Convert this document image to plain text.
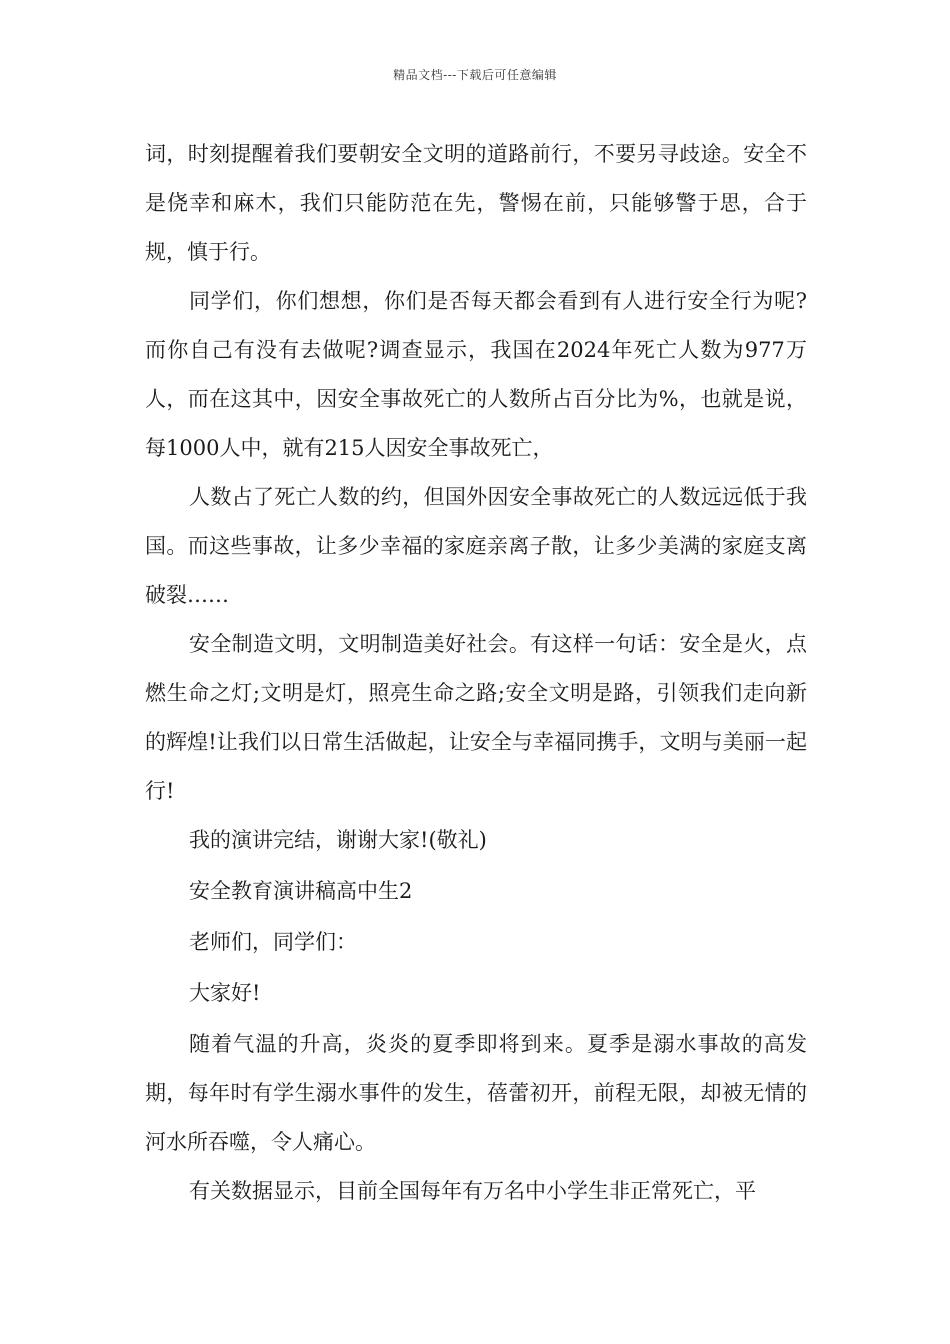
精品文档---下载后可任意编辑

词，时刻提醒着我们要朝安全文明的道路前行，不要另寻歧途。安全不是侥幸和麻木，我们只能防范在先，警惕在前，只能够警于思，合于规，慎于行。

同学们，你们想想，你们是否每天都会看到有人进行安全行为呢?而你自己有没有去做呢?调查显示，我国在2024年死亡人数为977万人，而在这其中，因安全事故死亡的人数所占百分比为%，也就是说，每1000人中，就有215人因安全事故死亡，

人数占了死亡人数的约，但国外因安全事故死亡的人数远远低于我国。而这些事故，让多少幸福的家庭亲离子散，让多少美满的家庭支离破裂……

安全制造文明，文明制造美好社会。有这样一句话：安全是火，点燃生命之灯;文明是灯，照亮生命之路;安全文明是路，引领我们走向新的辉煌!让我们以日常生活做起，让安全与幸福同携手，文明与美丽一起行!

我的演讲完结，谢谢大家!(敬礼)

安全教育演讲稿高中生2

老师们，同学们：

大家好!

随着气温的升高，炎炎的夏季即将到来。夏季是溺水事故的高发期，每年时有学生溺水事件的发生，蓓蕾初开，前程无限，却被无情的河水所吞噬，令人痛心。

有关数据显示，目前全国每年有万名中小学生非正常死亡，平
